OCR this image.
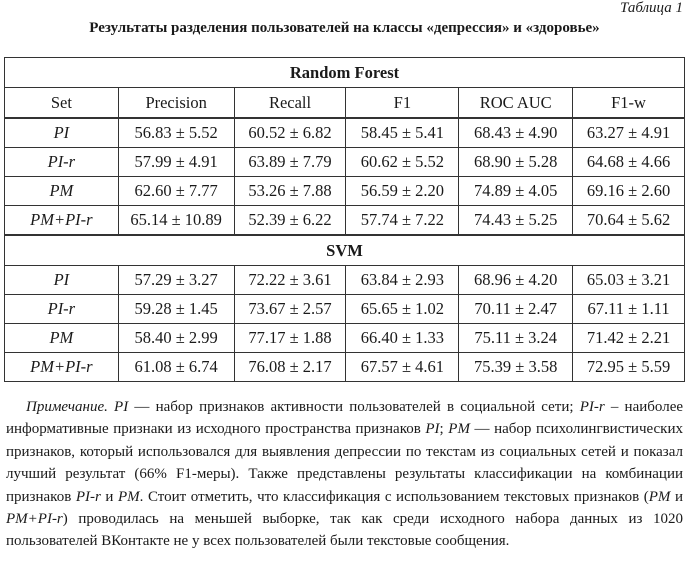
Таблица 1
Результаты разделения пользователей на классы «депрессия» и «здоровье»
Random Forest					
Set	Precision	Recall	F1	ROC AUC	F1-w
PI	56.83 ± 5.52	60.52 ± 6.82	58.45 ± 5.41	68.43 ± 4.90	63.27 ± 4.91
PI-r	57.99 ± 4.91	63.89 ± 7.79	60.62 ± 5.52	68.90 ± 5.28	64.68 ± 4.66
PM	62.60 ± 7.77	53.26 ± 7.88	56.59 ± 2.20	74.89 ± 4.05	69.16 ± 2.60
PM+PI-r	65.14 ± 10.89	52.39 ± 6.22	57.74 ± 7.22	74.43 ± 5.25	70.64 ± 5.62
SVM					
PI	57.29 ± 3.27	72.22 ± 3.61	63.84 ± 2.93	68.96 ± 4.20	65.03 ± 3.21
PI-r	59.28 ± 1.45	73.67 ± 2.57	65.65 ± 1.02	70.11 ± 2.47	67.11 ± 1.11
PM	58.40 ± 2.99	77.17 ± 1.88	66.40 ± 1.33	75.11 ± 3.24	71.42 ± 2.21
PM+PI-r	61.08 ± 6.74	76.08 ± 2.17	67.57 ± 4.61	75.39 ± 3.58	72.95 ± 5.59
Примечание. PI — набор признаков активности пользователей в социальной сети; PI-r – наиболее информативные признаки из исходного пространства признаков PI; PM — набор психолингвистических признаков, который использовался для выявления депрессии по текстам из социальных сетей и показал лучший результат (66% F1-меры). Также представлены результаты классификации на комбинации признаков PI-r и PM. Стоит отметить, что классификация с использованием текстовых признаков (PM и PM+PI-r) проводилась на меньшей выборке, так как среди исходного набора данных из 1020 пользователей ВКонтакте не у всех пользователей были текстовые сообщения.
